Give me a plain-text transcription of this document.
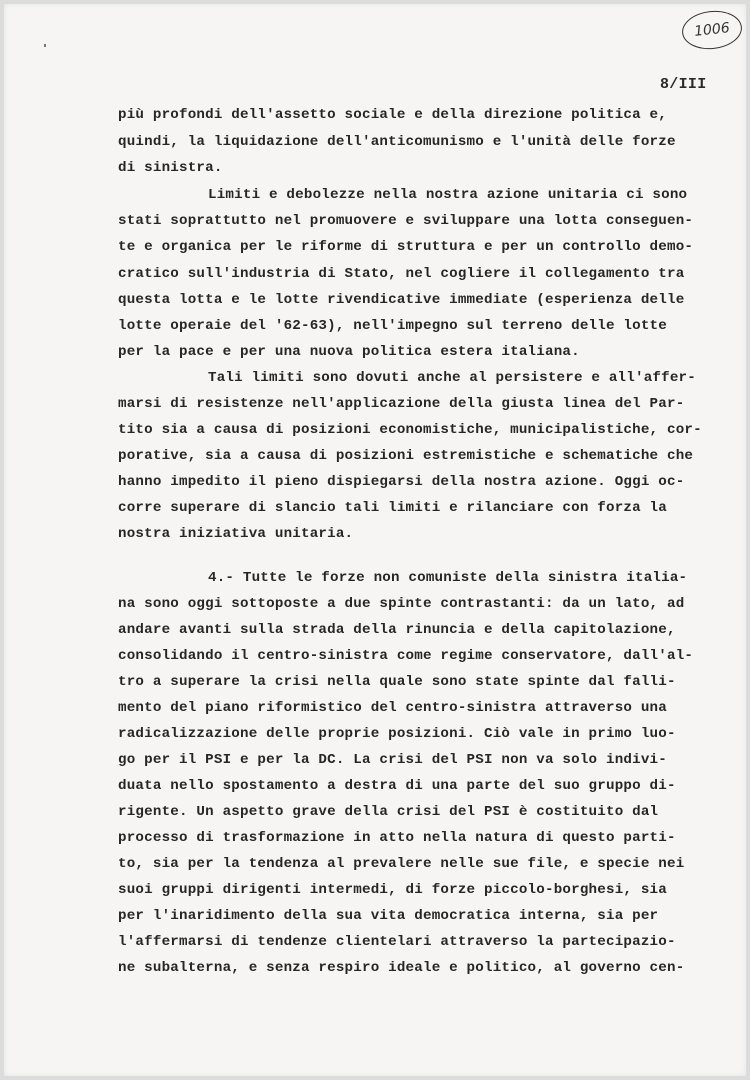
1006
8/III
più profondi dell'assetto sociale e della direzione politica e,
quindi, la liquidazione dell'anticomunismo e l'unità delle forze
di sinistra.
Limiti e debolezze nella nostra azione unitaria ci sono
stati soprattutto nel promuovere e sviluppare una lotta conseguen-
te e organica per le riforme di struttura e per un controllo demo-
cratico sull'industria di Stato, nel cogliere il collegamento tra
questa lotta e le lotte rivendicative immediate (esperienza delle
lotte operaie del '62-63), nell'impegno sul terreno delle lotte
per la pace e per una nuova politica estera italiana.
Tali limiti sono dovuti anche al persistere e all'affer-
marsi di resistenze nell'applicazione della giusta linea del Par-
tito sia a causa di posizioni economistiche, municipalistiche, cor-
porative, sia a causa di posizioni estremistiche e schematiche che
hanno impedito il pieno dispiegarsi della nostra azione. Oggi oc-
corre superare di slancio tali limiti e rilanciare con forza la
nostra iniziativa unitaria.
4.- Tutte le forze non comuniste della sinistra italia-
na sono oggi sottoposte a due spinte contrastanti: da un lato, ad
andare avanti sulla strada della rinuncia e della capitolazione,
consolidando il centro-sinistra come regime conservatore, dall'al-
tro a superare la crisi nella quale sono state spinte dal falli-
mento del piano riformistico del centro-sinistra attraverso una
radicalizzazione delle proprie posizioni. Ciò vale in primo luo-
go per il PSI e per la DC. La crisi del PSI non va solo indivi-
duata nello spostamento a destra di una parte del suo gruppo di-
rigente. Un aspetto grave della crisi del PSI è costituito dal
processo di trasformazione in atto nella natura di questo parti-
to, sia per la tendenza al prevalere nelle sue file, e specie nei
suoi gruppi dirigenti intermedi, di forze piccolo-borghesi, sia
per l'inaridimento della sua vita democratica interna, sia per
l'affermarsi di tendenze clientelari attraverso la partecipazio-
ne subalterna, e senza respiro ideale e politico, al governo cen-
